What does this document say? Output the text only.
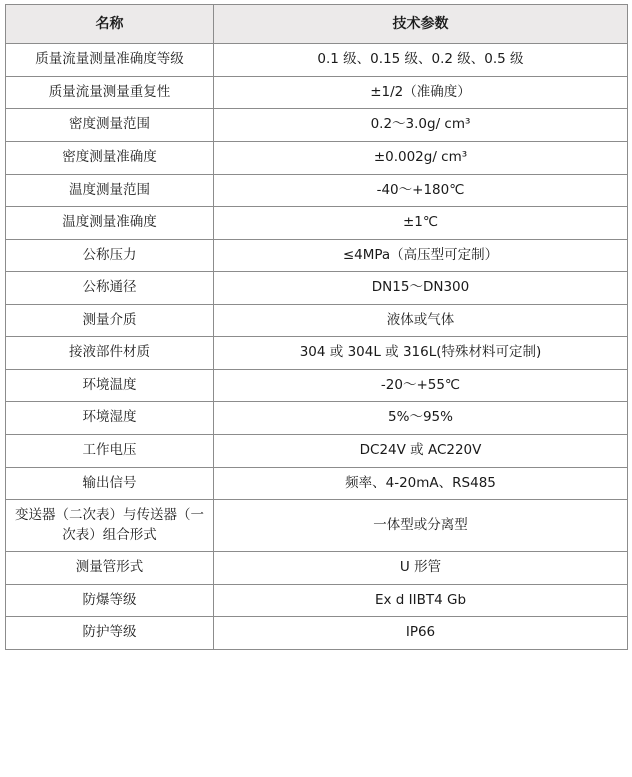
名称	技术参数
质量流量测量准确度等级	0.1 级、0.15 级、0.2 级、0.5 级
质量流量测量重复性	±1/2（准确度）
密度测量范围	0.2～3.0g/ cm³
密度测量准确度	±0.002g/ cm³
温度测量范围	-40～+180℃
温度测量准确度	±1℃
公称压力	≤4MPa（高压型可定制）
公称通径	DN15～DN300
测量介质	液体或气体
接液部件材质	304 或 304L 或 316L(特殊材料可定制)
环境温度	-20～+55℃
环境湿度	5%～95%
工作电压	DC24V 或 AC220V
输出信号	频率、4-20mA、RS485
变送器（二次表）与传送器（一次表）组合形式	一体型或分离型
测量管形式	U 形管
防爆等级	Ex d IIBT4 Gb
防护等级	IP66
